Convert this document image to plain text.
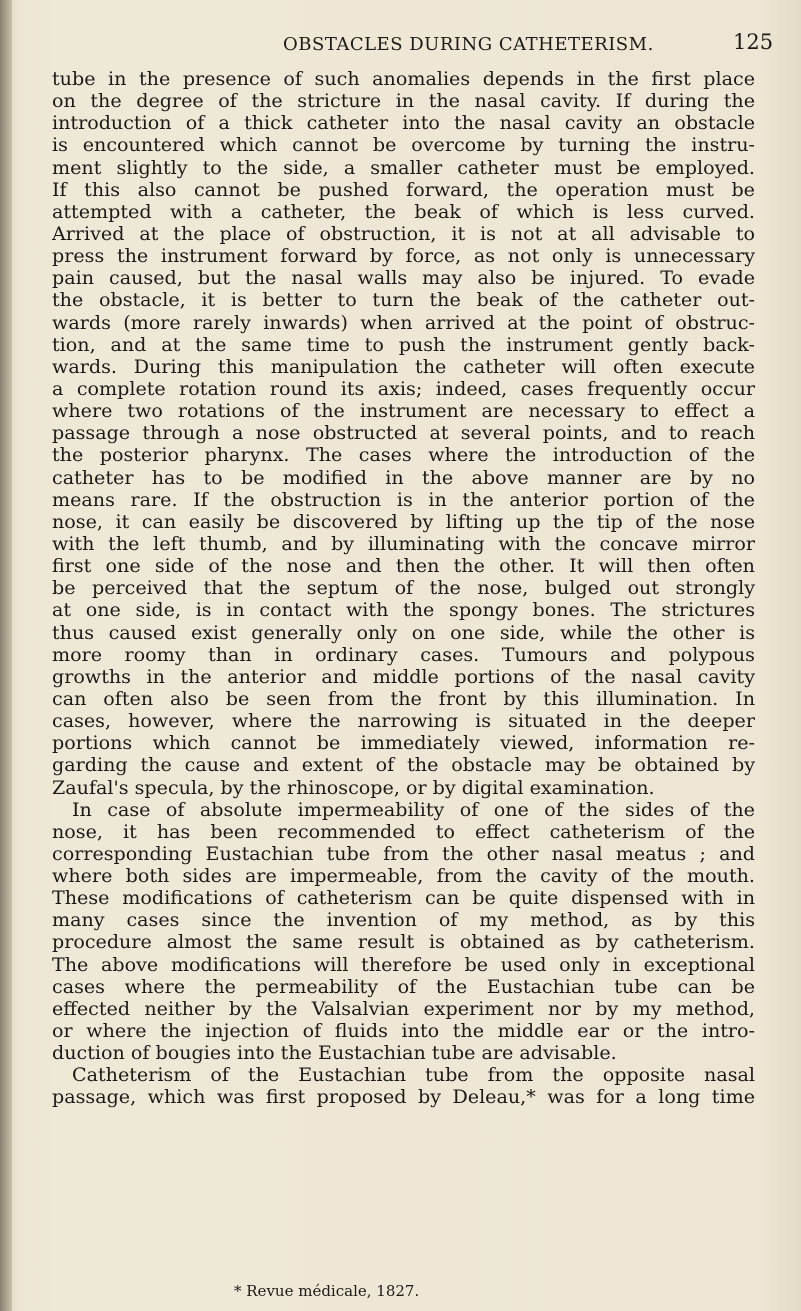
OBSTACLES DURING CATHETERISM.	125
tube in the presence of such anomalies depends in the first place
on the degree of the stricture in the nasal cavity. If during the
introduction of a thick catheter into the nasal cavity an obstacle
is encountered which cannot be overcome by turning the instru-
ment slightly to the side, a smaller catheter must be employed.
If this also cannot be pushed forward, the operation must be
attempted with a catheter, the beak of which is less curved.
Arrived at the place of obstruction, it is not at all advisable to
press the instrument forward by force, as not only is unnecessary
pain caused, but the nasal walls may also be injured. To evade
the obstacle, it is better to turn the beak of the catheter out-
wards (more rarely inwards) when arrived at the point of obstruc-
tion, and at the same time to push the instrument gently back-
wards. During this manipulation the catheter will often execute
a complete rotation round its axis; indeed, cases frequently occur
where two rotations of the instrument are necessary to effect a
passage through a nose obstructed at several points, and to reach
the posterior pharynx. The cases where the introduction of the
catheter has to be modified in the above manner are by no
means rare. If the obstruction is in the anterior portion of the
nose, it can easily be discovered by lifting up the tip of the nose
with the left thumb, and by illuminating with the concave mirror
first one side of the nose and then the other. It will then often
be perceived that the septum of the nose, bulged out strongly
at one side, is in contact with the spongy bones. The strictures
thus caused exist generally only on one side, while the other is
more roomy than in ordinary cases. Tumours and polypous
growths in the anterior and middle portions of the nasal cavity
can often also be seen from the front by this illumination. In
cases, however, where the narrowing is situated in the deeper
portions which cannot be immediately viewed, information re-
garding the cause and extent of the obstacle may be obtained by
Zaufal's specula, by the rhinoscope, or by digital examination.
In case of absolute impermeability of one of the sides of the
nose, it has been recommended to effect catheterism of the
corresponding Eustachian tube from the other nasal meatus ; and
where both sides are impermeable, from the cavity of the mouth.
These modifications of catheterism can be quite dispensed with in
many cases since the invention of my method, as by this
procedure almost the same result is obtained as by catheterism.
The above modifications will therefore be used only in exceptional
cases where the permeability of the Eustachian tube can be
effected neither by the Valsalvian experiment nor by my method,
or where the injection of fluids into the middle ear or the intro-
duction of bougies into the Eustachian tube are advisable.
Catheterism of the Eustachian tube from the opposite nasal
passage, which was first proposed by Deleau,* was for a long time
* Revue médicale, 1827.
